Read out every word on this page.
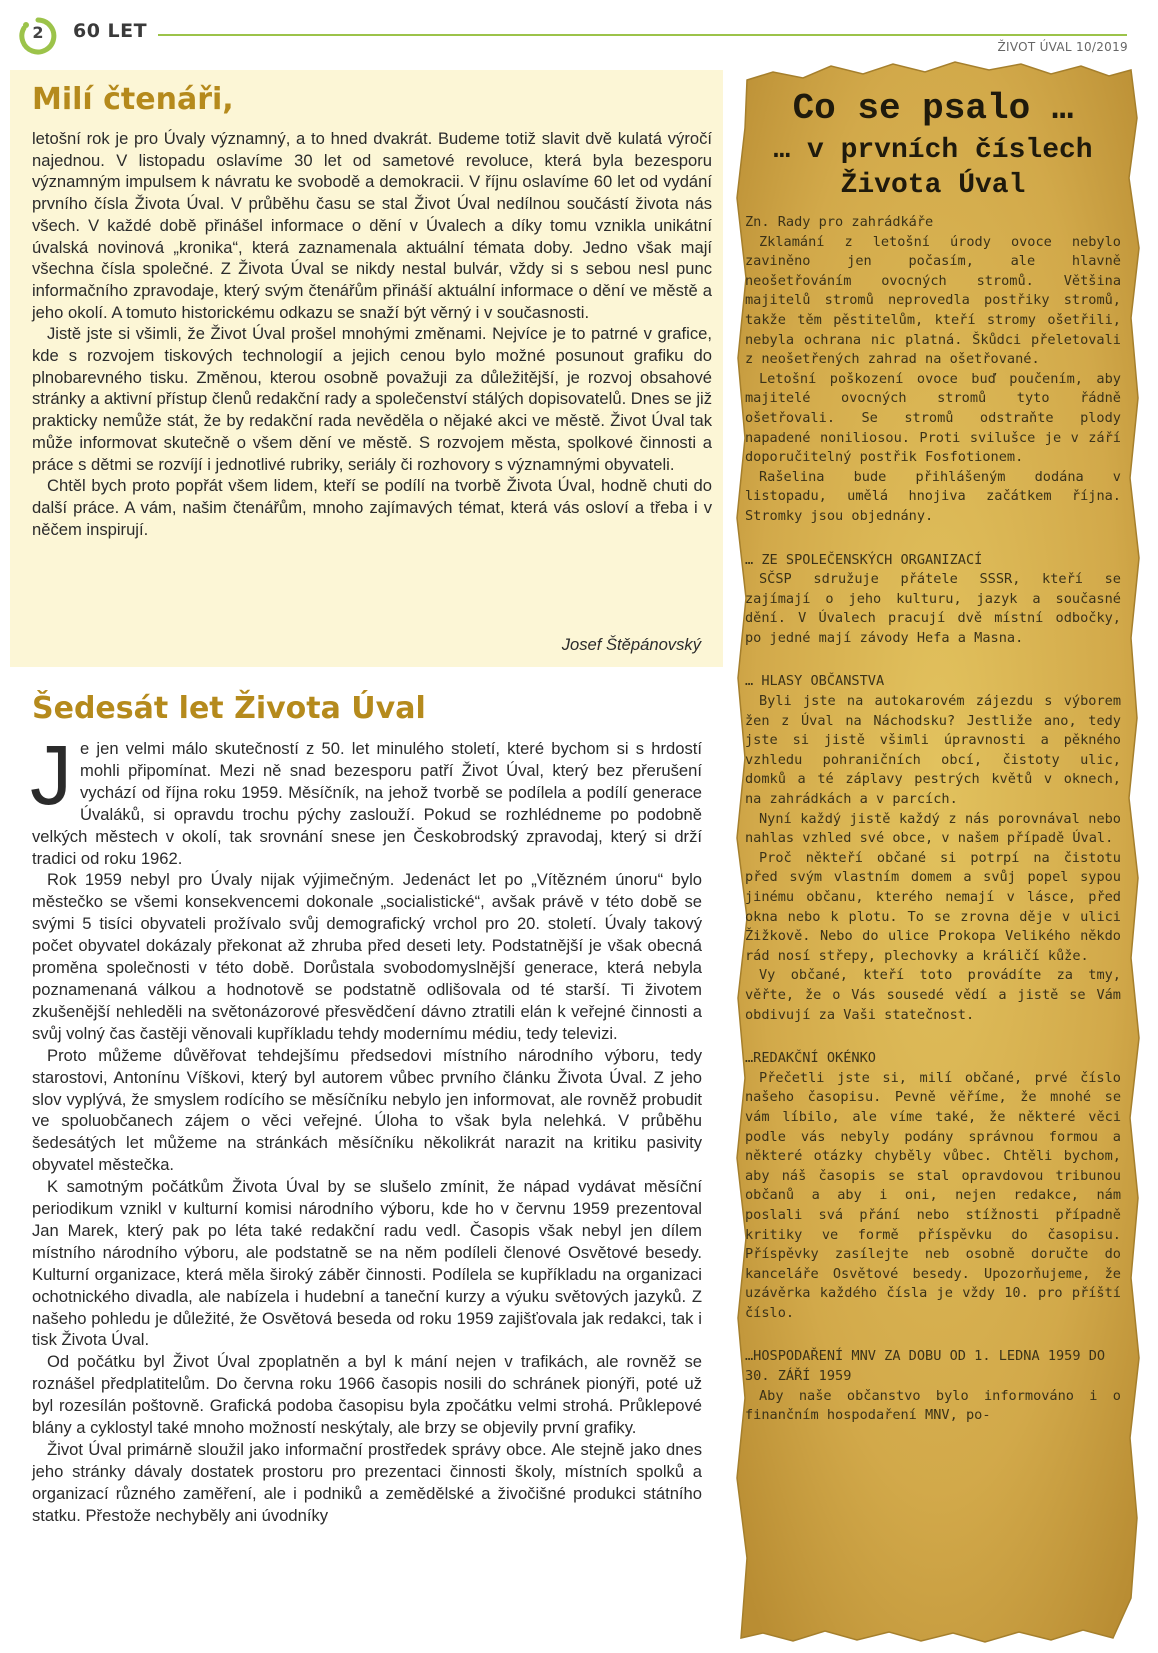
2	60 LET
ŽIVOT ÚVAL 10/2019
Milí čtenáři,

letošní rok je pro Úvaly významný, a to hned dvakrát. Budeme totiž slavit dvě kulatá výročí najednou. V listopadu oslavíme 30 let od sametové revoluce, která byla bezesporu významným impulsem k návratu ke svobodě a demokracii. V říjnu oslavíme 60 let od vydání prvního čísla Života Úval. V průběhu času se stal Život Úval nedílnou součástí života nás všech. V každé době přinášel informace o dění v Úvalech a díky tomu vznikla unikátní úvalská novinová „kronika“, která zaznamenala aktuální témata doby. Jedno však mají všechna čísla společné. Z Života Úval se nikdy nestal bulvár, vždy si s sebou nesl punc informačního zpravodaje, který svým čtenářům přináší aktuální informace o dění ve městě a jeho okolí. A tomuto historickému odkazu se snaží být věrný i v současnosti.

Jistě jste si všimli, že Život Úval prošel mnohými změnami. Nejvíce je to patrné v grafice, kde s rozvojem tiskových technologií a jejich cenou bylo možné posunout grafiku do plnobarevného tisku. Změnou, kterou osobně považuji za důležitější, je rozvoj obsahové stránky a aktivní přístup členů redakční rady a společenství stálých dopisovatelů. Dnes se již prakticky nemůže stát, že by redakční rada nevěděla o nějaké akci ve městě. Život Úval tak může informovat skutečně o všem dění ve městě. S rozvojem města, spolkové činnosti a práce s dětmi se rozvíjí i jednotlivé rubriky, seriály či rozhovory s významnými obyvateli.

Chtěl bych proto popřát všem lidem, kteří se podílí na tvorbě Života Úval, hodně chuti do další práce. A vám, našim čtenářům, mnoho zajímavých témat, která vás osloví a třeba i v něčem inspirují.

Josef Štěpánovský
Šedesát let Života Úval

Je jen velmi málo skutečností z 50. let minulého století, které bychom si s hrdostí mohli připomínat. Mezi ně snad bezesporu patří Život Úval, který bez přerušení vychází od října roku 1959. Měsíčník, na jehož tvorbě se podílela a podílí generace Úvaláků, si opravdu trochu pýchy zaslouží. Pokud se rozhlédneme po podobně velkých městech v okolí, tak srovnání snese jen Českobrodský zpravodaj, který si drží tradici od roku 1962.

Rok 1959 nebyl pro Úvaly nijak výjimečným. Jedenáct let po „Vítězném únoru“ bylo městečko se všemi konsekvencemi dokonale „socialistické“, avšak právě v této době se svými 5 tisíci obyvateli prožívalo svůj demografický vrchol pro 20. století. Úvaly takový počet obyvatel dokázaly překonat až zhruba před deseti lety. Podstatnější je však obecná proměna společnosti v této době. Dorůstala svobodomyslnější generace, která nebyla poznamenaná válkou a hodnotově se podstatně odlišovala od té starší. Ti životem zkušenější nehleděli na světonázorové přesvědčení dávno ztratili elán k veřejné činnosti a svůj volný čas častěji věnovali kupříkladu tehdy modernímu médiu, tedy televizi.

Proto můžeme důvěřovat tehdejšímu předsedovi místního národního výboru, tedy starostovi, Antonínu Víškovi, který byl autorem vůbec prvního článku Života Úval. Z jeho slov vyplývá, že smyslem rodícího se měsíčníku nebylo jen informovat, ale rovněž probudit ve spoluobčanech zájem o věci veřejné. Úloha to však byla nelehká. V průběhu šedesátých let můžeme na stránkách měsíčníku několikrát narazit na kritiku pasivity obyvatel městečka.

K samotným počátkům Života Úval by se slušelo zmínit, že nápad vydávat měsíční periodikum vznikl v kulturní komisi národního výboru, kde ho v červnu 1959 prezentoval Jan Marek, který pak po léta také redakční radu vedl. Časopis však nebyl jen dílem místního národního výboru, ale podstatně se na něm podíleli členové Osvětové besedy. Kulturní organizace, která měla široký záběr činnosti. Podílela se kupříkladu na organizaci ochotnického divadla, ale nabízela i hudební a taneční kurzy a výuku světových jazyků. Z našeho pohledu je důležité, že Osvětová beseda od roku 1959 zajišťovala jak redakci, tak i tisk Života Úval.

Od počátku byl Život Úval zpoplatněn a byl k mání nejen v trafikách, ale rovněž se roznášel předplatitelům. Do června roku 1966 časopis nosili do schránek pionýři, poté už byl rozesílán poštovně. Grafická podoba časopisu byla zpočátku velmi strohá. Průklepové blány a cyklostyl také mnoho možností neskýtaly, ale brzy se objevily první grafiky.

Život Úval primárně sloužil jako informační prostředek správy obce. Ale stejně jako dnes jeho stránky dávaly dostatek prostoru pro prezentaci činnosti školy, místních spolků a organizací různého zaměření, ale i podniků a zemědělské a živočišné produkci státního statku. Přestože nechyběly ani úvodníky

Co se psalo …
… v prvních číslech Života Úval

Zn. Rady pro zahrádkáře

Zklamání z letošní úrody ovoce nebylo zaviněno jen počasím, ale hlavně neošetřováním ovocných stromů. Většina majitelů stromů neprovedla postřiky stromů, takže těm pěstitelům, kteří stromy ošetřili, nebyla ochrana nic platná. Škůdci přeletovali z neošetřených zahrad na ošetřované.

Letošní poškození ovoce buď poučením, aby majitelé ovocných stromů tyto řádně ošetřovali. Se stromů odstraňte plody napadené noniliosou. Proti svilušce je v září doporučitelný postřik Fosfotionem.

Rašelina bude přihlášeným dodána v listopadu, umělá hnojiva začátkem října. Stromky jsou objednány.

… ZE SPOLEČENSKÝCH ORGANIZACÍ

SČSP sdružuje přátele SSSR, kteří se zajímají o jeho kulturu, jazyk a současné dění. V Úvalech pracují dvě místní odbočky, po jedné mají závody Hefa a Masna.

… HLASY OBČANSTVA

Byli jste na autokarovém zájezdu s výborem žen z Úval na Náchodsku? Jestliže ano, tedy jste si jistě všimli úpravnosti a pěkného vzhledu pohraničních obcí, čistoty ulic, domků a té záplavy pestrých květů v oknech, na zahrádkách a v parcích.

Nyní každý jistě každý z nás porovnával nebo nahlas vzhled své obce, v našem případě Úval.

Proč někteří občané si potrpí na čistotu před svým vlastním domem a svůj popel sypou jinému občanu, kterého nemají v lásce, před okna nebo k plotu. To se zrovna děje v ulici Žižkově. Nebo do ulice Prokopa Velikého někdo rád nosí střepy, plechovky a králičí kůže.

Vy občané, kteří toto provádíte za tmy, věřte, že o Vás sousedé vědí a jistě se Vám obdivují za Vaši statečnost.

…REDAKČNÍ OKÉNKO

Přečetli jste si, milí občané, prvé číslo našeho časopisu. Pevně věříme, že mnohé se vám líbilo, ale víme také, že některé věci podle vás nebyly podány správnou formou a některé otázky chyběly vůbec. Chtěli bychom, aby náš časopis se stal opravdovou tribunou občanů a aby i oni, nejen redakce, nám poslali svá přání nebo stížnosti případně kritiky ve formě příspěvku do časopisu. Příspěvky zasílejte neb osobně doručte do kanceláře Osvětové besedy. Upozorňujeme, že uzávěrka každého čísla je vždy 10. pro příští číslo.

…HOSPODAŘENÍ MNV ZA DOBU OD 1. LEDNA 1959 DO 30. ZÁŘÍ 1959

Aby naše občanstvo bylo informováno i o finančním hospodaření MNV, po-
